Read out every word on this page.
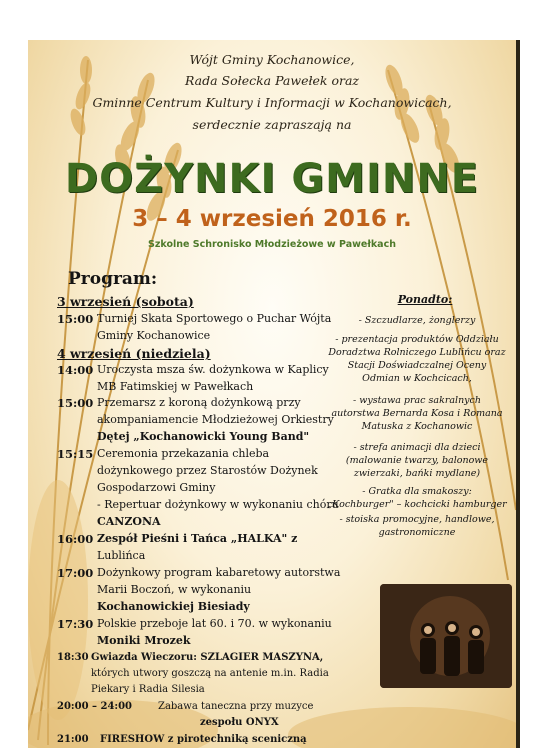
Wójt Gminy Kochanowice,
Rada Sołecka Pawełek oraz
Gminne Centrum Kultury i Informacji w Kochanowicach,
serdecznie zapraszają na
DOŻYNKI GMINNE
3 – 4 wrzesień 2016 r.
Szkolne Schronisko Młodzieżowe w Pawełkach
Program:
3 wrzesień (sobota)
15:00 Turniej Skata Sportowego o Puchar Wójta
Gminy Kochanowice
4 wrzesień (niedziela)
14:00 Uroczysta msza św. dożynkowa w Kaplicy
MB Fatimskiej w Pawełkach
15:00 Przemarsz z koroną dożynkową przy
akompaniamencie Młodzieżowej Orkiestry
Dętej „Kochanowicki Young Band"
15:15 Ceremonia przekazania chleba
dożynkowego przez Starostów Dożynek
Gospodarzowi Gminy
- Repertuar dożynkowy w wykonaniu chóru
CANZONA
16:00 Zespół Pieśni i Tańca „HALKA" z
Lublińca
17:00 Dożynkowy program kabaretowy autorstwa
Marii Boczoń, w wykonaniu
Kochanowickiej Biesiady
17:30 Polskie przeboje lat 60. i 70. w wykonaniu
Moniki Mrozek
18:30 Gwiazda Wieczoru: SZLAGIER MASZYNA,
których utwory goszczą na antenie m.in. Radia
Piekary i Radia Silesia
20:00 – 24:00	Zabawa taneczna przy muzyce
zespołu ONYX
21:00 FIRESHOW z pirotechniką sceniczną
Ponadto:
- Szczudlarze, żonglerzy
- prezentacja produktów Oddziału
Doradztwa Rolniczego Lublińcu oraz
Stacji Doświadczalnej Oceny
Odmian w Kochcicach,
- wystawa prac sakralnych
autorstwa Bernarda Kosa i Romana
Matuska z Kochanowic
- strefa animacji dla dzieci
(malowanie twarzy, balonowe
zwierzaki, bańki mydlane)
- Gratka dla smakoszy:
„Kochburger" – kochcicki hamburger
- stoiska promocyjne, handlowe,
gastronomiczne
